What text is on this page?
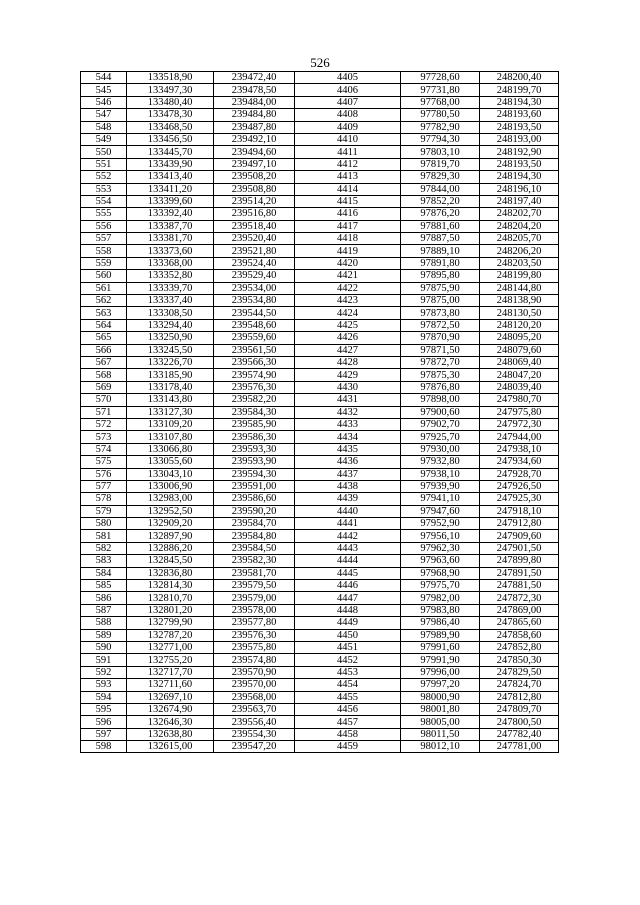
526
544	133518,90	239472,40	4405	97728,60	248200,40
545	133497,30	239478,50	4406	97731,80	248199,70
546	133480,40	239484,00	4407	97768,00	248194,30
547	133478,30	239484,80	4408	97780,50	248193,60
548	133468,50	239487,80	4409	97782,90	248193,50
549	133456,50	239492,10	4410	97794,30	248193,00
550	133445,70	239494,60	4411	97803,10	248192,90
551	133439,90	239497,10	4412	97819,70	248193,50
552	133413,40	239508,20	4413	97829,30	248194,30
553	133411,20	239508,80	4414	97844,00	248196,10
554	133399,60	239514,20	4415	97852,20	248197,40
555	133392,40	239516,80	4416	97876,20	248202,70
556	133387,70	239518,40	4417	97881,60	248204,20
557	133381,70	239520,40	4418	97887,50	248205,70
558	133373,60	239521,80	4419	97889,10	248206,20
559	133368,00	239524,40	4420	97891,80	248203,50
560	133352,80	239529,40	4421	97895,80	248199,80
561	133339,70	239534,00	4422	97875,90	248144,80
562	133337,40	239534,80	4423	97875,00	248138,90
563	133308,50	239544,50	4424	97873,80	248130,50
564	133294,40	239548,60	4425	97872,50	248120,20
565	133250,90	239559,60	4426	97870,90	248095,20
566	133245,50	239561,50	4427	97871,50	248079,60
567	133226,70	239566,30	4428	97872,70	248069,40
568	133185,90	239574,90	4429	97875,30	248047,20
569	133178,40	239576,30	4430	97876,80	248039,40
570	133143,80	239582,20	4431	97898,00	247980,70
571	133127,30	239584,30	4432	97900,60	247975,80
572	133109,20	239585,90	4433	97902,70	247972,30
573	133107,80	239586,30	4434	97925,70	247944,00
574	133066,80	239593,30	4435	97930,00	247938,10
575	133055,60	239593,90	4436	97932,80	247934,60
576	133043,10	239594,30	4437	97938,10	247928,70
577	133006,90	239591,00	4438	97939,90	247926,50
578	132983,00	239586,60	4439	97941,10	247925,30
579	132952,50	239590,20	4440	97947,60	247918,10
580	132909,20	239584,70	4441	97952,90	247912,80
581	132897,90	239584,80	4442	97956,10	247909,60
582	132886,20	239584,50	4443	97962,30	247901,50
583	132845,50	239582,30	4444	97963,60	247899,80
584	132836,80	239581,70	4445	97968,90	247891,50
585	132814,30	239579,50	4446	97975,70	247881,50
586	132810,70	239579,00	4447	97982,00	247872,30
587	132801,20	239578,00	4448	97983,80	247869,00
588	132799,90	239577,80	4449	97986,40	247865,60
589	132787,20	239576,30	4450	97989,90	247858,60
590	132771,00	239575,80	4451	97991,60	247852,80
591	132755,20	239574,80	4452	97991,90	247850,30
592	132717,70	239570,90	4453	97996,00	247829,50
593	132711,60	239570,00	4454	97997,20	247824,70
594	132697,10	239568,00	4455	98000,90	247812,80
595	132674,90	239563,70	4456	98001,80	247809,70
596	132646,30	239556,40	4457	98005,00	247800,50
597	132638,80	239554,30	4458	98011,50	247782,40
598	132615,00	239547,20	4459	98012,10	247781,00
